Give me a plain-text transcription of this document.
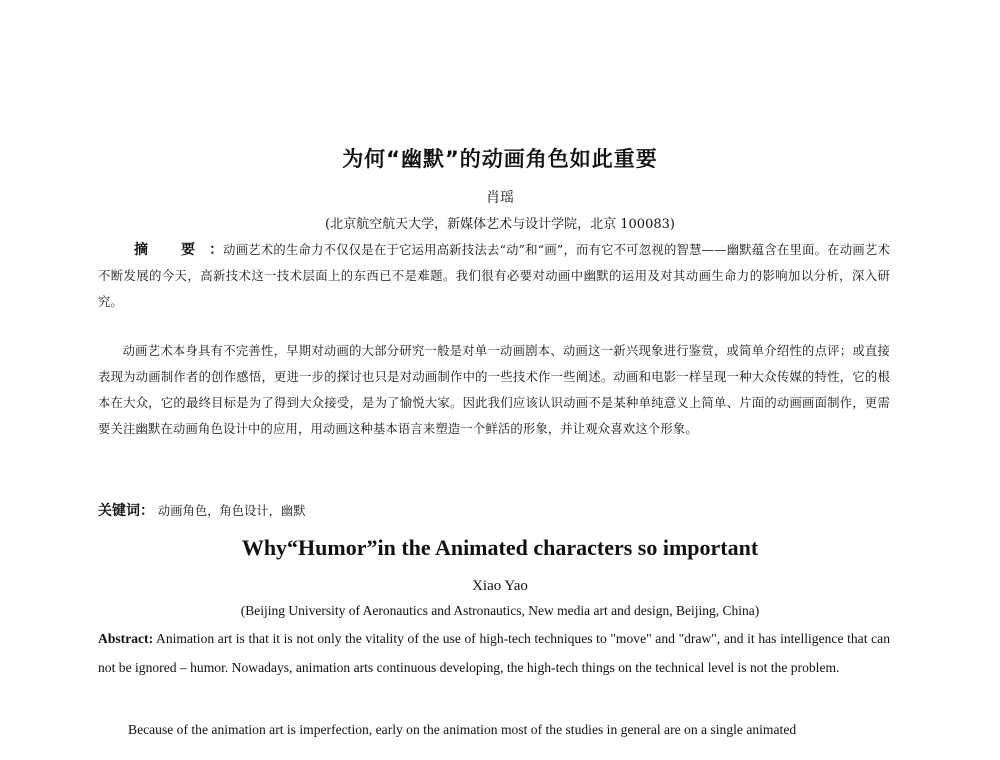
为何“幽默”的动画角色如此重要
肖瑶
(北京航空航天大学，新媒体艺术与设计学院，北京 100083)
摘 要：动画艺术的生命力不仅仅是在于它运用高新技法去“动”和“画”，而有它不可忽视的智慧——幽默蕴含在里面。在动画艺术不断发展的今天，高新技术这一技术层面上的东西已不是难题。我们很有必要对动画中幽默的运用及对其动画生命力的影响加以分析，深入研究。
动画艺术本身具有不完善性，早期对动画的大部分研究一般是对单一动画剧本、动画这一新兴现象进行鉴赏，或简单介绍性的点评；或直接表现为动画制作者的创作感悟，更进一步的探讨也只是对动画制作中的一些技术作一些阐述。动画和电影一样呈现一种大众传媒的特性，它的根本在大众，它的最终目标是为了得到大众接受，是为了愉悦大家。因此我们应该认识动画不是某种单纯意义上简单、片面的动画画面制作，更需要关注幽默在动画角色设计中的应用，用动画这种基本语言来塑造一个鲜活的形象，并让观众喜欢这个形象。
关键词： 动画角色，角色设计，幽默
Why“Humor”in the Animated characters so important
Xiao Yao
(Beijing University of Aeronautics and Astronautics, New media art and design, Beijing, China)
Abstract: Animation art is that it is not only the vitality of the use of high-tech techniques to "move" and "draw", and it has intelligence that can not be ignored – humor. Nowadays, animation arts continuous developing, the high-tech things on the technical level is not the problem.
Because of the animation art is imperfection, early on the animation most of the studies in general are on a single animated
